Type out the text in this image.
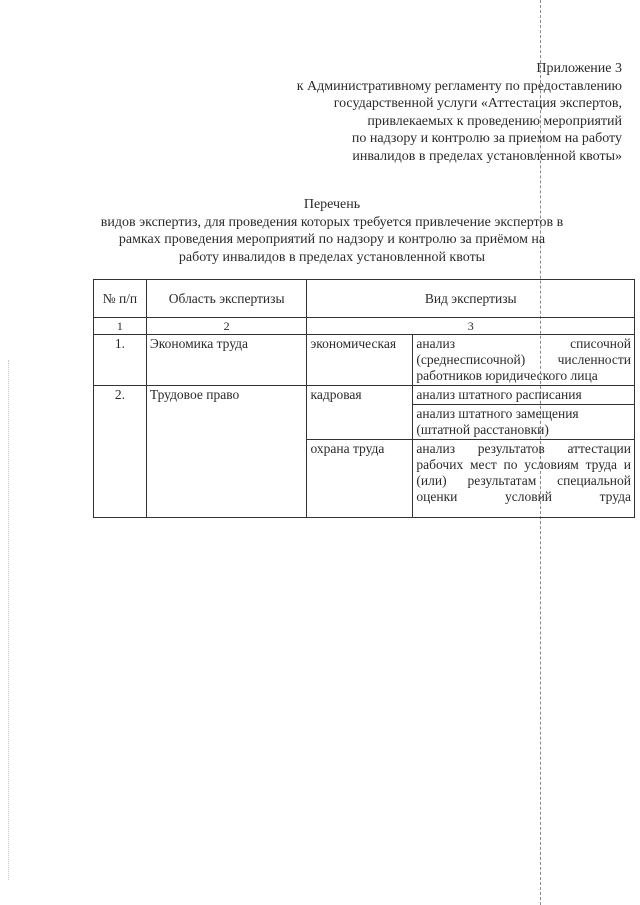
Приложение 3
к Административному регламенту по предоставлению
государственной услуги «Аттестация экспертов,
привлекаемых к проведению мероприятий
по надзору и контролю за приемом на работу
инвалидов в пределах установленной квоты»
Перечень
видов экспертиз, для проведения которых требуется привлечение экспертов в
рамках проведения мероприятий по надзору и контролю за приёмом на
работу инвалидов в пределах установленной квоты
№ п/п	Область экспертизы	Вид экспертизы	
1	2	3	
1.	Экономика труда	экономическая	анализ списочной (среднесписочной) численности работников юридического лица
2.	Трудовое право	кадровая	анализ штатного расписания
			анализ штатного замещения (штатной расстановки)
		охрана труда	анализ результатов аттестации рабочих мест по условиям труда и (или) результатам специальной оценки условий труда
